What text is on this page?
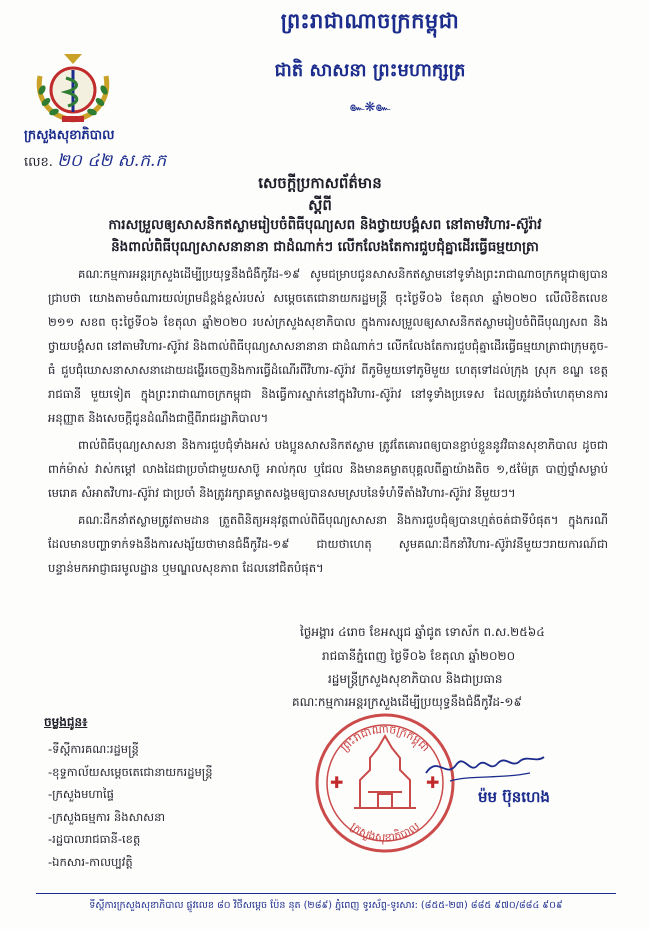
ព្រះរាជាណាចក្រកម្ពុជា
ជាតិ សាសនា ព្រះមហាក្សត្រ
๛❋๛
ក្រសួងសុខាភិបាល
លេខ. ២០ ៤២ ស.ក.ក
សេចក្តីប្រកាសព័ត៌មាន
ស្តីពី
ការសម្រួលឲ្យសាសនិកឥស្លាមរៀបចំពិធីបុណ្យសព និងថ្វាយបង្គំសព នៅតាមវិហារ-ស៊ូរ៉ាវ
និងពាល់ពិធីបុណ្យសាសនានានា ជាដំណាក់ៗ លើកលែងតែការជួបជុំគ្នាដើរធ្វើធម្មយាត្រា

គណៈកម្មការអន្តរក្រសួងដើម្បីប្រយុទ្ធនឹងជំងឺកូវីដ-១៩ សូមជម្រាបជូនសាសនិកឥស្លាមនៅទូទាំងព្រះរាជាណាចក្រកម្ពុជាឲ្យបានជ្រាបថា យោងតាមចំណារយល់ព្រមដ៏ខ្ពង់ខ្ពស់របស់ សម្តេចតេជោនាយករដ្ឋមន្ត្រី ចុះថ្ងៃទី០៦ ខែតុលា ឆ្នាំ២០២០ លើលិខិតលេខ ២១១ សខព ចុះថ្ងៃទី០៦ ខែតុលា ឆ្នាំ២០២០ របស់ក្រសួងសុខាភិបាល ក្នុងការសម្រួលឲ្យសាសនិកឥស្លាមរៀបចំពិធីបុណ្យសព និងថ្វាយបង្គំសព នៅតាមវិហារ-ស៊ូរ៉ាវ និងពាល់ពិធីបុណ្យសាសនានានា ជាដំណាក់ៗ លើកលែងតែការជួបជុំគ្នាដើរធ្វើធម្មយាត្រាជាក្រុមតូច-ធំ ជួបជុំឃោសនាសាសនាដោយដង្ហើរចេញនិងការធ្វើដំណើរពីវិហារ-ស៊ូរ៉ាវ ពីភូមិមួយទៅភូមិមួយ ហេតុទៅដល់ក្រុង ស្រុក ខណ្ឌ ខេត្ត រាជធានី មួយទៀត ក្នុងព្រះរាជាណាចក្រកម្ពុជា និងធ្វើការស្នាក់នៅក្នុងវិហារ-ស៊ូរ៉ាវ នៅទូទាំងប្រទេស ដែលត្រូវរង់ចាំហេតុមានការអនុញ្ញាត និងសេចក្តីជូនដំណឹងជាថ្មីពីរាជរដ្ឋាភិបាល។

ពាល់ពិធីបុណ្យសាសនា និងការជួបជុំទាំងអស់ បងប្អូនសាសនិកឥស្លាម ត្រូវតែគោរពឲ្យបានខ្ជាប់ខ្ជួននូវវិធានសុខាភិបាល ដូចជា ពាក់ម៉ាស់ វាស់កម្តៅ លាងដៃជាប្រចាំជាមួយសាប៊ូ អាល់កុល ឬជែល និងមានគម្លាតបុគ្គលពីគ្នាយ៉ាងតិច ១,៥ម៉ែត្រ បាញ់ថ្នាំសម្លាប់មេរោគ សំអាតវិហារ-ស៊ូរ៉ាវ ជាប្រចាំ និងត្រូវរក្សាគម្លាតសង្គមឲ្យបានសមស្របនៃទំហំទីតាំងវិហារ-ស៊ូរ៉ាវ នីមួយៗ។

គណៈដឹកនាំឥស្លាមត្រូវតាមដាន ត្រួតពិនិត្យអនុវត្តពាល់ពិធីបុណ្យសាសនា និងការជួបជុំឲ្យបានហ្មត់ចត់ជាទីបំផុត។ ក្នុងករណីដែលមានបញ្ហាទាក់ទងនឹងការសង្ស័យថាមានជំងឺកូវីដ-១៩ ជាយថាហេតុ សូមគណៈដឹកនាំវិហារ-ស៊ូរ៉ាវនីមួយៗរាយការណ៍ជាបន្ទាន់មកអាជ្ញាធរមូលដ្ឋាន ឬមណ្ឌលសុខភាព ដែលនៅជិតបំផុត។

ថ្ងៃអង្គារ ៤រោច ខែអស្សុជ ឆ្នាំជូត ទោស័ក ព.ស.២៥៦៤
រាជធានីភ្នំពេញ ថ្ងៃទី០៦ ខែតុលា ឆ្នាំ២០២០
រដ្ឋមន្ត្រីក្រសួងសុខាភិបាល និងជាប្រធាន
គណៈកម្មការអន្តរក្រសួងដើម្បីប្រយុទ្ធនឹងជំងឺកូវីដ-១៩
ព្រះរាជាណាចក្រកម្ពុជា
ក្រសួងសុខាភិបាល
✚	✚
ម៉ម ប៊ុនហេង
ចម្លងជូន៖
-ទីស្តីការគណៈរដ្ឋមន្ត្រី
-ខុទ្ទកាល័យសម្តេចតេជោនាយករដ្ឋមន្ត្រី
-ក្រសួងមហាផ្ទៃ
-ក្រសួងធម្មការ និងសាសនា
-រដ្ឋបាលរាជធានី-ខេត្ត
-ឯកសារ-កាលប្បវត្តិ
ទីស្តីការក្រសួងសុខាភិបាល ផ្លូវលេខ ៨០ វិថីសម្តេច ប៉ែន នុត (២៨៩) ភ្នំពេញ ទូរស័ព្ទ-ទូរសារ: (៨៥៥-២៣) ៨៨៥ ៩៧០/៨៨៤ ៩០៩
